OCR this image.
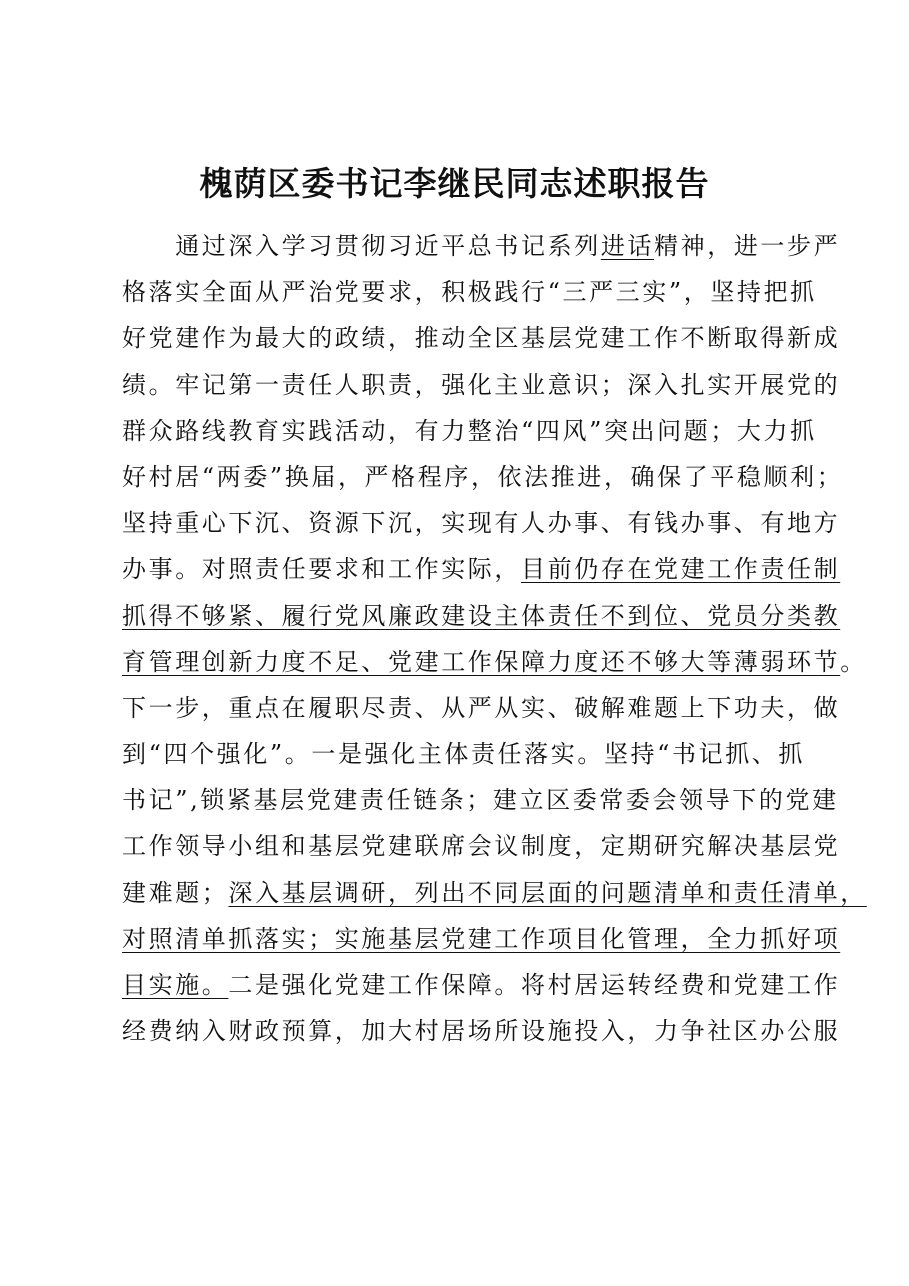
槐荫区委书记李继民同志述职报告
　　通过深入学习贯彻习近平总书记系列进话精神，进一步严
格落实全面从严治党要求，积极践行“三严三实”，坚持把抓
好党建作为最大的政绩，推动全区基层党建工作不断取得新成
绩。牢记第一责任人职责，强化主业意识；深入扎实开展党的
群众路线教育实践活动，有力整治“四风”突出问题；大力抓
好村居“两委”换届，严格程序，依法推进，确保了平稳顺利；
坚持重心下沉、资源下沉，实现有人办事、有钱办事、有地方
办事。对照责任要求和工作实际，目前仍存在党建工作责任制
抓得不够紧、履行党风廉政建设主体责任不到位、党员分类教
育管理创新力度不足、党建工作保障力度还不够大等薄弱环节。
下一步，重点在履职尽责、从严从实、破解难题上下功夫，做
到“四个强化”。一是强化主体责任落实。坚持“书记抓、抓
书记”,锁紧基层党建责任链条；建立区委常委会领导下的党建
工作领导小组和基层党建联席会议制度，定期研究解决基层党
建难题；深入基层调研，列出不同层面的问题清单和责任清单，
对照清单抓落实；实施基层党建工作项目化管理，全力抓好项
目实施。二是强化党建工作保障。将村居运转经费和党建工作
经费纳入财政预算，加大村居场所设施投入，力争社区办公服
